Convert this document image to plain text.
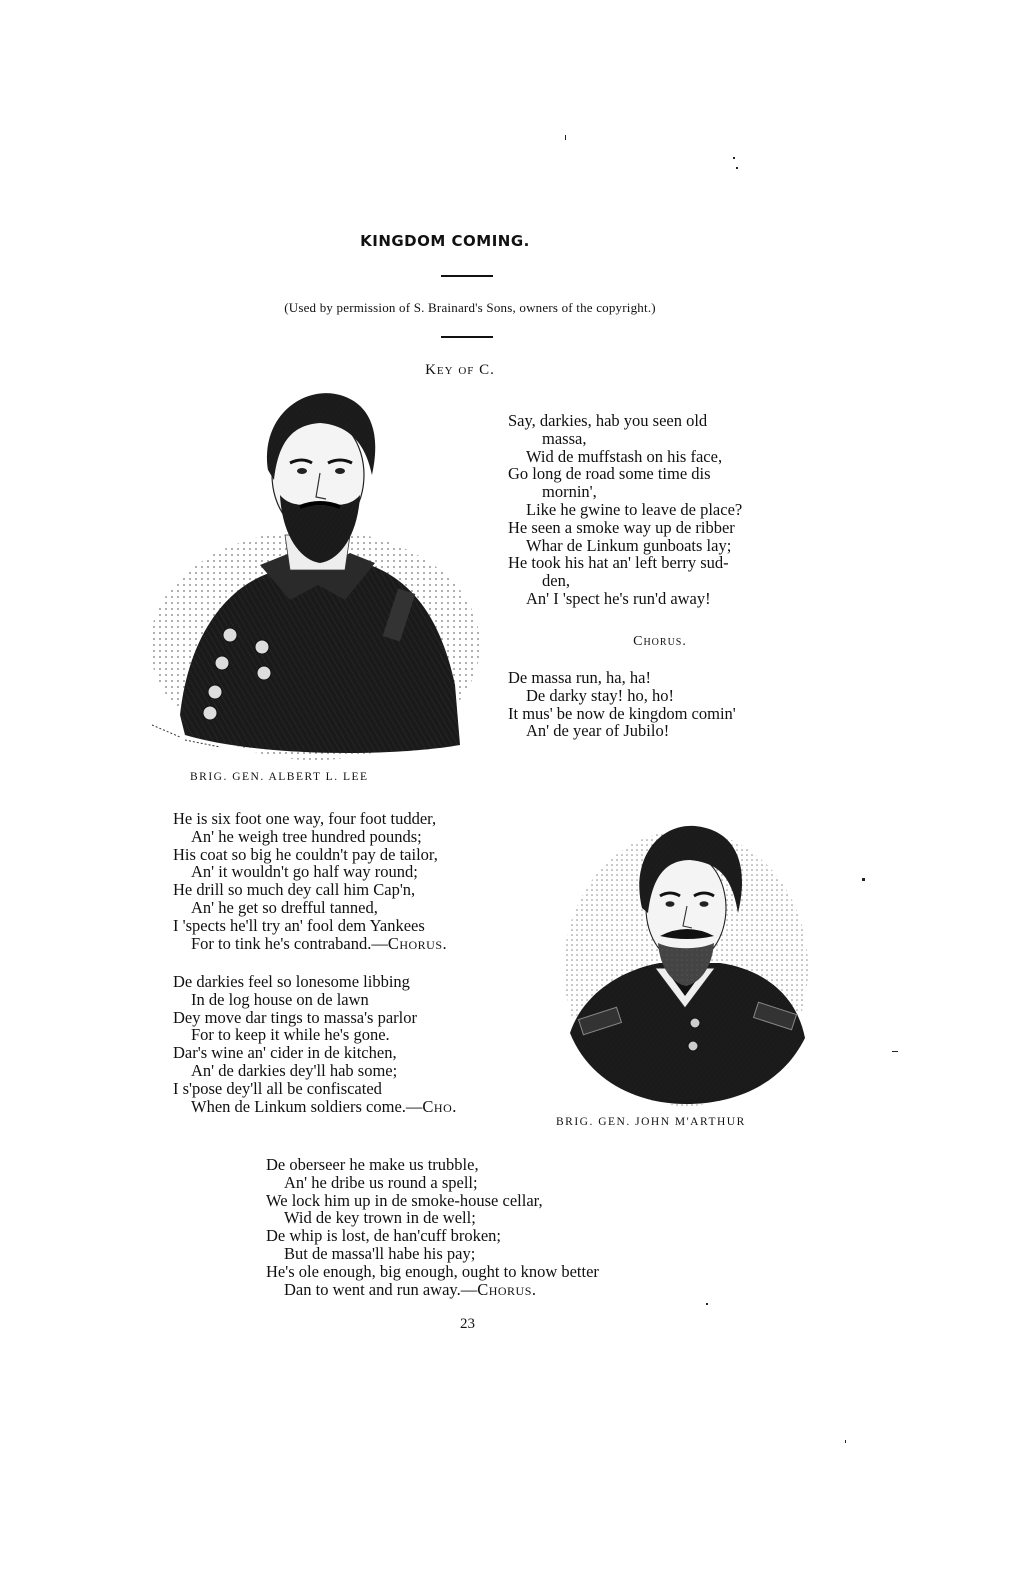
KINGDOM COMING.
(Used by permission of S. Brainard's Sons, owners of the copyright.)
Key of C.
BRIG. GEN. ALBERT L. LEE
Say, darkies, hab you seen old
massa,
Wid de muffstash on his face,
Go long de road some time dis
mornin',
Like he gwine to leave de place?
He seen a smoke way up de ribber
Whar de Linkum gunboats lay;
He took his hat an' left berry sud-
den,
An' I 'spect he's run'd away!
Chorus.
De massa run, ha, ha!
De darky stay! ho, ho!
It mus' be now de kingdom comin'
An' de year of Jubilo!
He is six foot one way, four foot tudder,
An' he weigh tree hundred pounds;
His coat so big he couldn't pay de tailor,
An' it wouldn't go half way round;
He drill so much dey call him Cap'n,
An' he get so drefful tanned,
I 'spects he'll try an' fool dem Yankees
For to tink he's contraband.—Chorus.
De darkies feel so lonesome libbing
In de log house on de lawn
Dey move dar tings to massa's parlor
For to keep it while he's gone.
Dar's wine an' cider in de kitchen,
An' de darkies dey'll hab some;
I s'pose dey'll all be confiscated
When de Linkum soldiers come.—Cho.
BRIG. GEN. JOHN M'ARTHUR
De oberseer he make us trubble,
An' he dribe us round a spell;
We lock him up in de smoke-house cellar,
Wid de key trown in de well;
De whip is lost, de han'cuff broken;
But de massa'll habe his pay;
He's ole enough, big enough, ought to know better
Dan to went and run away.—Chorus.
23
